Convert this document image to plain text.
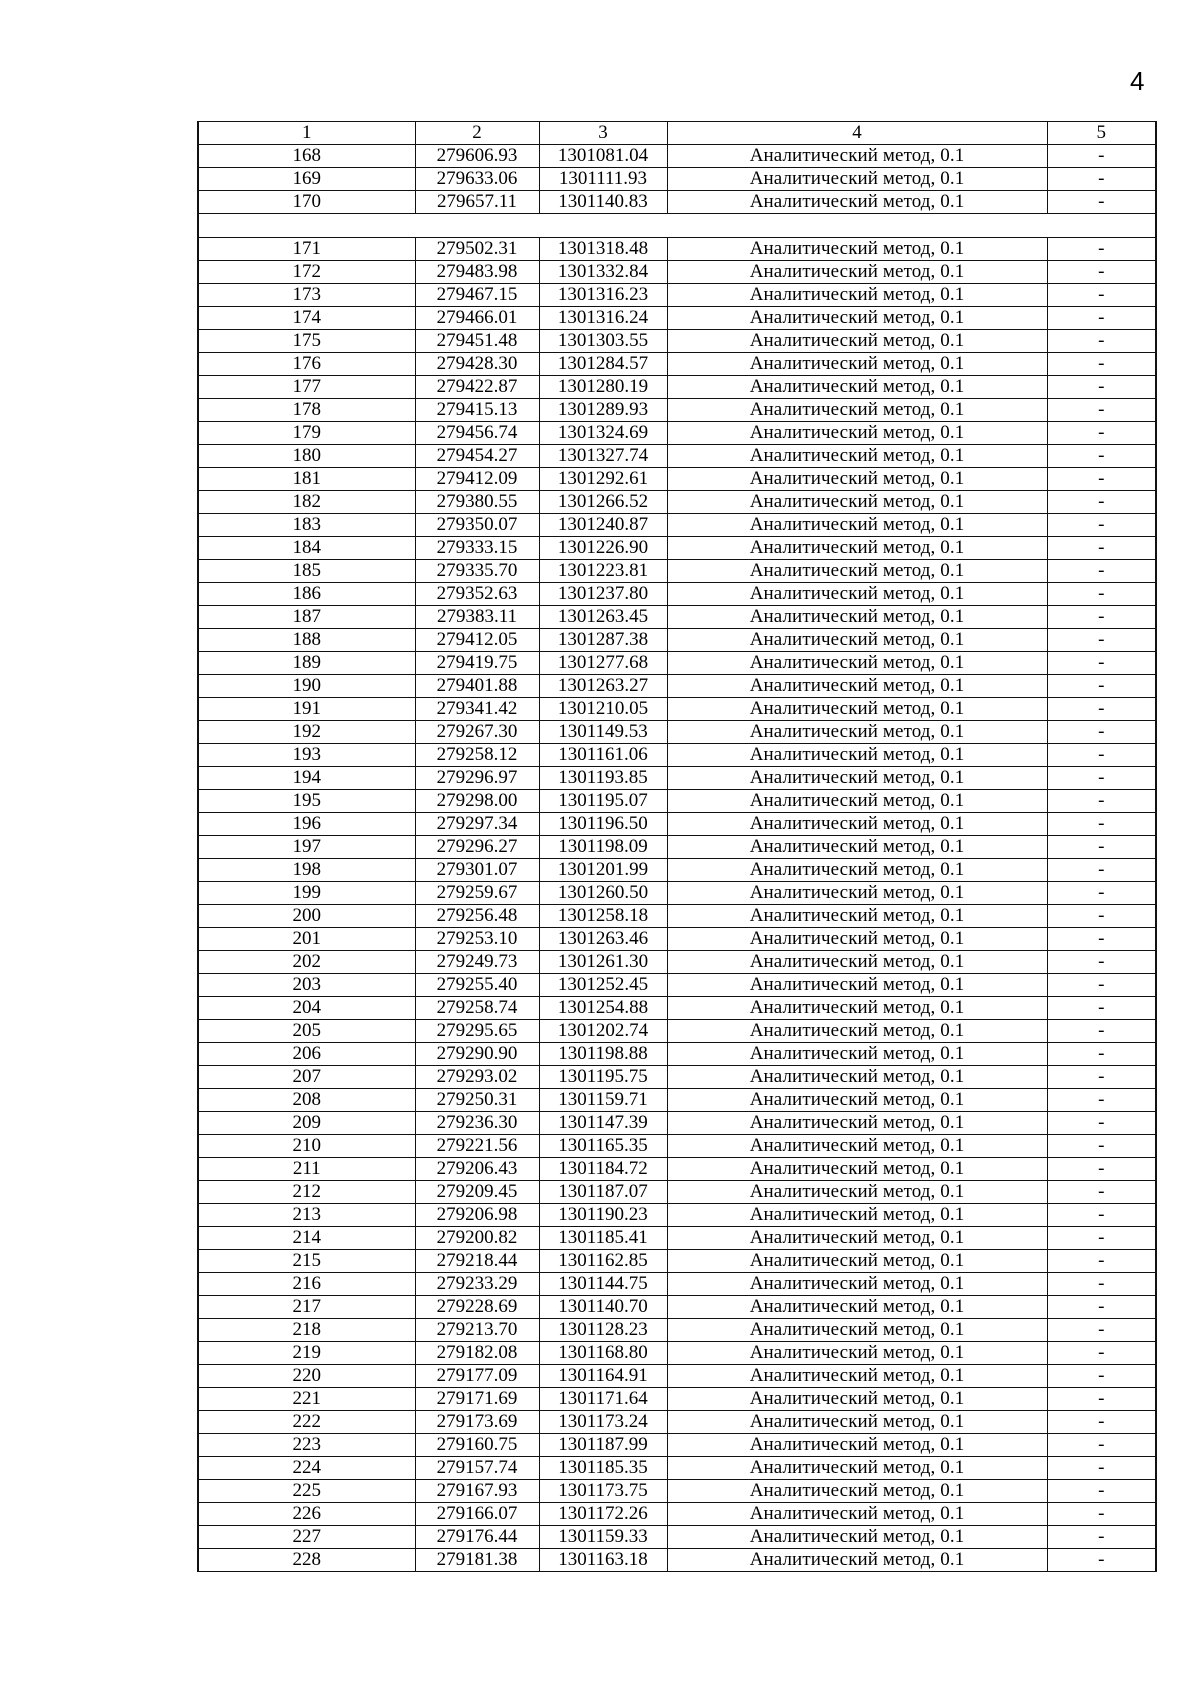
4
1	2	3	4	5
168	279606.93	1301081.04	Аналитический метод, 0.1	-
169	279633.06	1301111.93	Аналитический метод, 0.1	-
170	279657.11	1301140.83	Аналитический метод, 0.1	-

171	279502.31	1301318.48	Аналитический метод, 0.1	-
172	279483.98	1301332.84	Аналитический метод, 0.1	-
173	279467.15	1301316.23	Аналитический метод, 0.1	-
174	279466.01	1301316.24	Аналитический метод, 0.1	-
175	279451.48	1301303.55	Аналитический метод, 0.1	-
176	279428.30	1301284.57	Аналитический метод, 0.1	-
177	279422.87	1301280.19	Аналитический метод, 0.1	-
178	279415.13	1301289.93	Аналитический метод, 0.1	-
179	279456.74	1301324.69	Аналитический метод, 0.1	-
180	279454.27	1301327.74	Аналитический метод, 0.1	-
181	279412.09	1301292.61	Аналитический метод, 0.1	-
182	279380.55	1301266.52	Аналитический метод, 0.1	-
183	279350.07	1301240.87	Аналитический метод, 0.1	-
184	279333.15	1301226.90	Аналитический метод, 0.1	-
185	279335.70	1301223.81	Аналитический метод, 0.1	-
186	279352.63	1301237.80	Аналитический метод, 0.1	-
187	279383.11	1301263.45	Аналитический метод, 0.1	-
188	279412.05	1301287.38	Аналитический метод, 0.1	-
189	279419.75	1301277.68	Аналитический метод, 0.1	-
190	279401.88	1301263.27	Аналитический метод, 0.1	-
191	279341.42	1301210.05	Аналитический метод, 0.1	-
192	279267.30	1301149.53	Аналитический метод, 0.1	-
193	279258.12	1301161.06	Аналитический метод, 0.1	-
194	279296.97	1301193.85	Аналитический метод, 0.1	-
195	279298.00	1301195.07	Аналитический метод, 0.1	-
196	279297.34	1301196.50	Аналитический метод, 0.1	-
197	279296.27	1301198.09	Аналитический метод, 0.1	-
198	279301.07	1301201.99	Аналитический метод, 0.1	-
199	279259.67	1301260.50	Аналитический метод, 0.1	-
200	279256.48	1301258.18	Аналитический метод, 0.1	-
201	279253.10	1301263.46	Аналитический метод, 0.1	-
202	279249.73	1301261.30	Аналитический метод, 0.1	-
203	279255.40	1301252.45	Аналитический метод, 0.1	-
204	279258.74	1301254.88	Аналитический метод, 0.1	-
205	279295.65	1301202.74	Аналитический метод, 0.1	-
206	279290.90	1301198.88	Аналитический метод, 0.1	-
207	279293.02	1301195.75	Аналитический метод, 0.1	-
208	279250.31	1301159.71	Аналитический метод, 0.1	-
209	279236.30	1301147.39	Аналитический метод, 0.1	-
210	279221.56	1301165.35	Аналитический метод, 0.1	-
211	279206.43	1301184.72	Аналитический метод, 0.1	-
212	279209.45	1301187.07	Аналитический метод, 0.1	-
213	279206.98	1301190.23	Аналитический метод, 0.1	-
214	279200.82	1301185.41	Аналитический метод, 0.1	-
215	279218.44	1301162.85	Аналитический метод, 0.1	-
216	279233.29	1301144.75	Аналитический метод, 0.1	-
217	279228.69	1301140.70	Аналитический метод, 0.1	-
218	279213.70	1301128.23	Аналитический метод, 0.1	-
219	279182.08	1301168.80	Аналитический метод, 0.1	-
220	279177.09	1301164.91	Аналитический метод, 0.1	-
221	279171.69	1301171.64	Аналитический метод, 0.1	-
222	279173.69	1301173.24	Аналитический метод, 0.1	-
223	279160.75	1301187.99	Аналитический метод, 0.1	-
224	279157.74	1301185.35	Аналитический метод, 0.1	-
225	279167.93	1301173.75	Аналитический метод, 0.1	-
226	279166.07	1301172.26	Аналитический метод, 0.1	-
227	279176.44	1301159.33	Аналитический метод, 0.1	-
228	279181.38	1301163.18	Аналитический метод, 0.1	-
